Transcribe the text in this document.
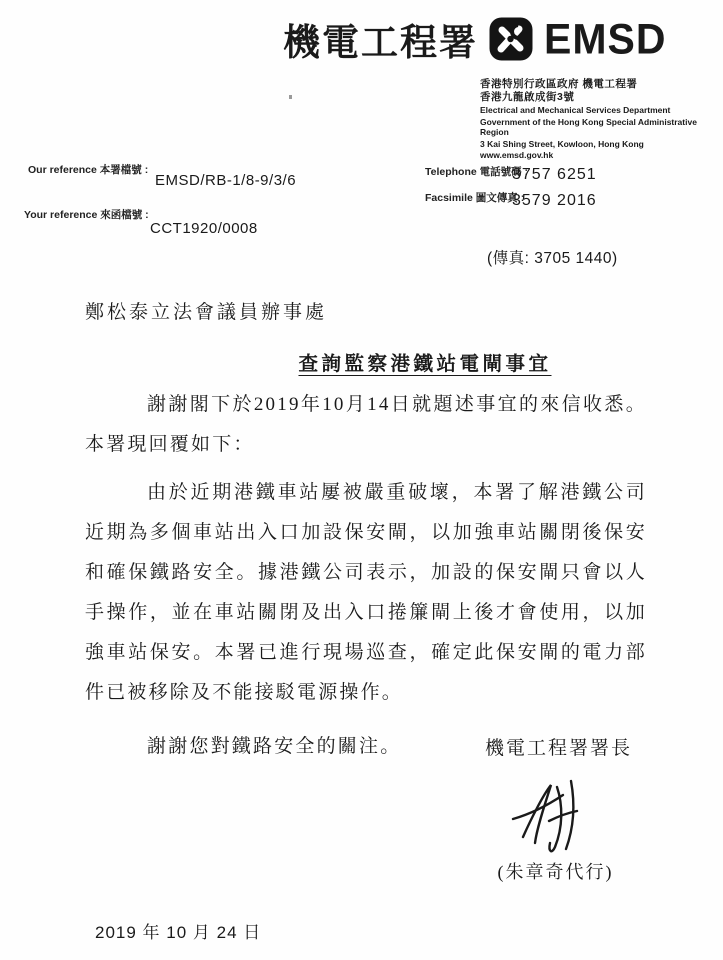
機電工程署 EMSD
香港特別行政區政府 機電工程署
香港九龍啟成街3號
Electrical and Mechanical Services Department
Government of the Hong Kong Special Administrative Region
3 Kai Shing Street, Kowloon, Hong Kong
www.emsd.gov.hk
Our reference 本署檔號 :
EMSD/RB-1/8-9/3/6
Your reference 來函檔號 :
CCT1920/0008
Telephone 電話號碼 :
3757 6251
Facsimile 圖文傳真 :
3579 2016
(傳真: 3705 1440)
鄭松泰立法會議員辦事處
查詢監察港鐵站電閘事宜

謝謝閣下於2019年10月14日就題述事宜的來信收悉。本署現回覆如下：

由於近期港鐵車站屢被嚴重破壞，本署了解港鐵公司近期為多個車站出入口加設保安閘，以加強車站關閉後保安和確保鐵路安全。據港鐵公司表示，加設的保安閘只會以人手操作，並在車站關閉及出入口捲簾閘上後才會使用，以加強車站保安。本署已進行現場巡查，確定此保安閘的電力部件已被移除及不能接駁電源操作。

謝謝您對鐵路安全的關注。	機電工程署署長
(朱章奇代行)
2019 年 10 月 24 日
